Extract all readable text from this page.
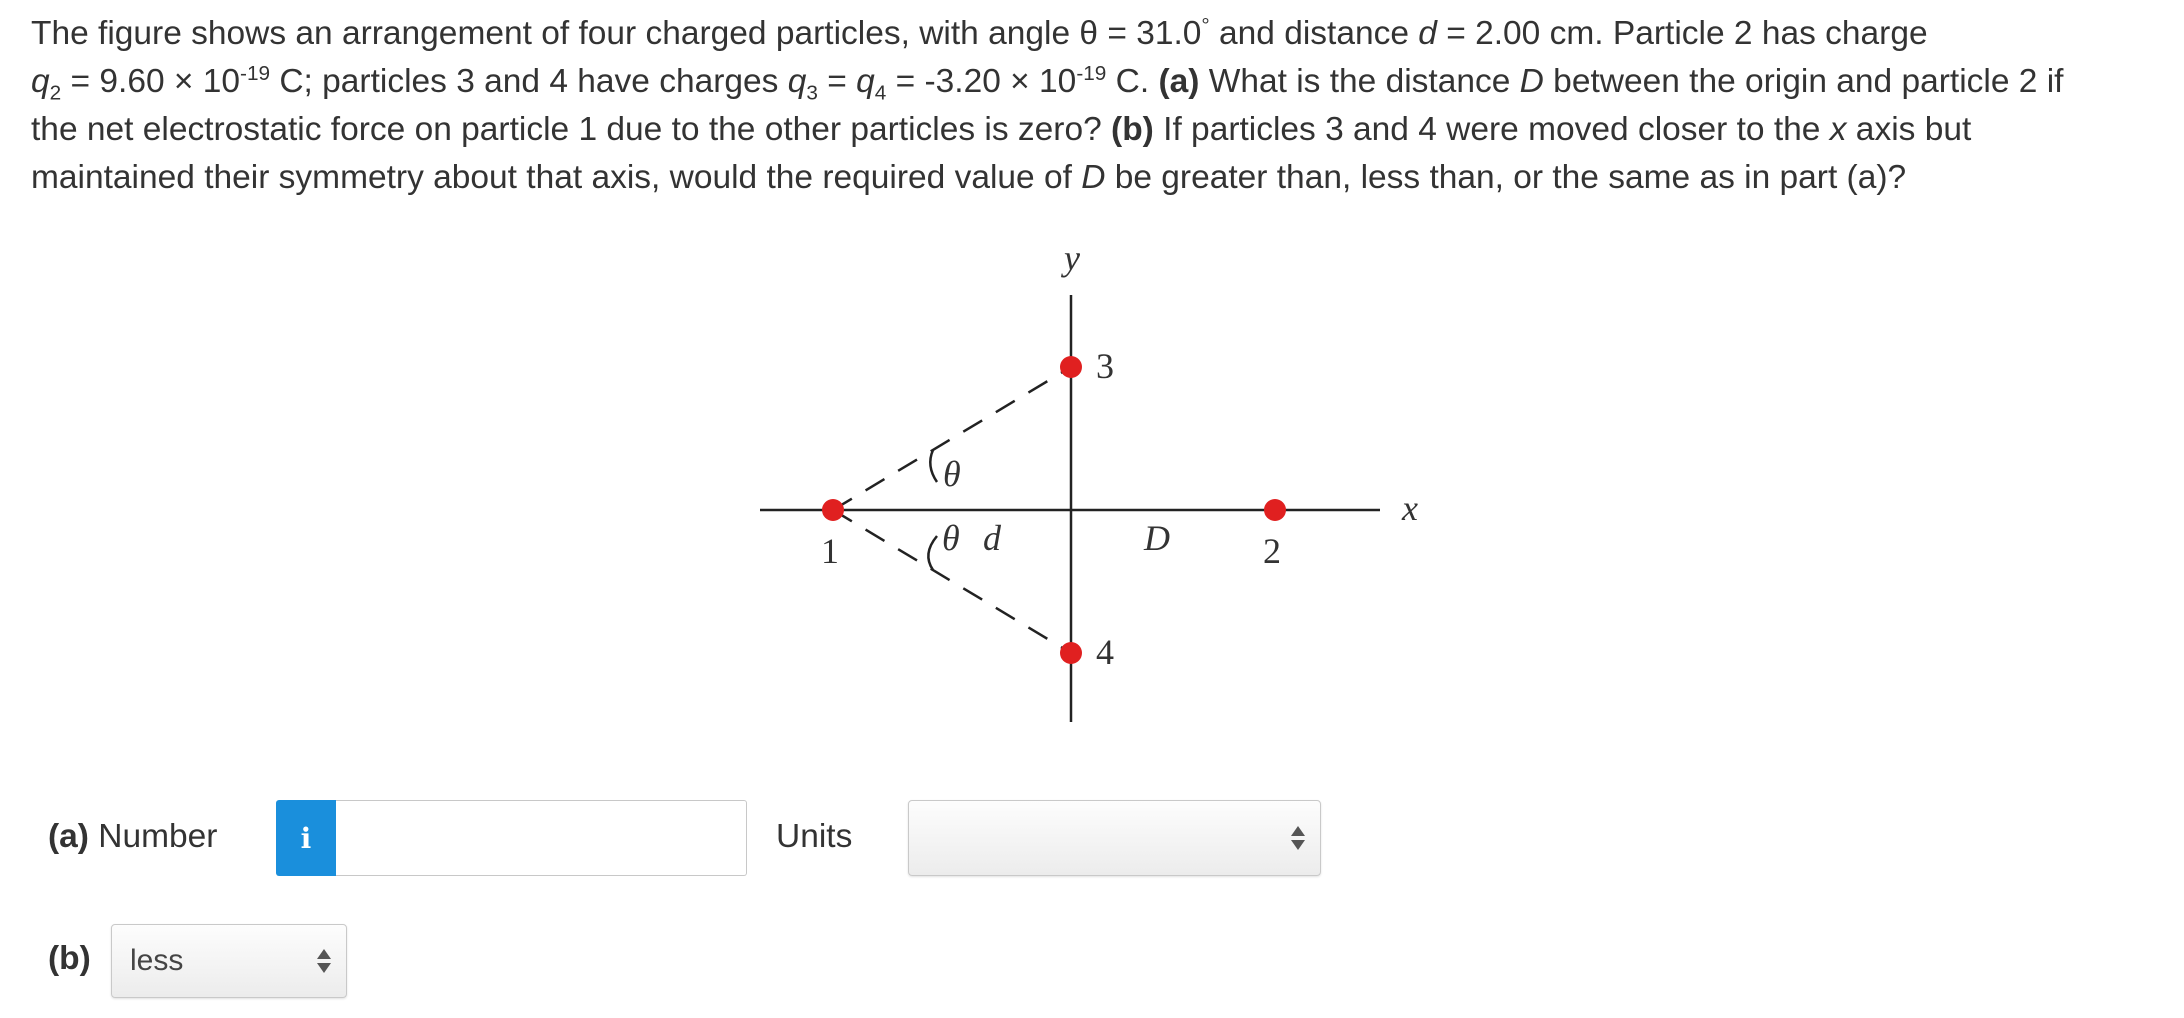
The figure shows an arrangement of four charged particles, with angle θ = 31.0° and distance d = 2.00 cm. Particle 2 has charge
$q_2 = 9.60 \times 10^{-19}$ C; particles 3 and 4 have charges $q_3 = q_4 = -3.20 \times 10^{-19}$ C. (a) What is the distance D between the origin and particle 2 if
the net electrostatic force on particle 1 due to the other particles is zero? (b) If particles 3 and 4 were moved closer to the x axis but
maintained their symmetry about that axis, would the required value of D be greater than, less than, or the same as in part (a)?
y
x
1	2
3
4
θ
θ d	D
(a) Number	i	Units
(b) less
